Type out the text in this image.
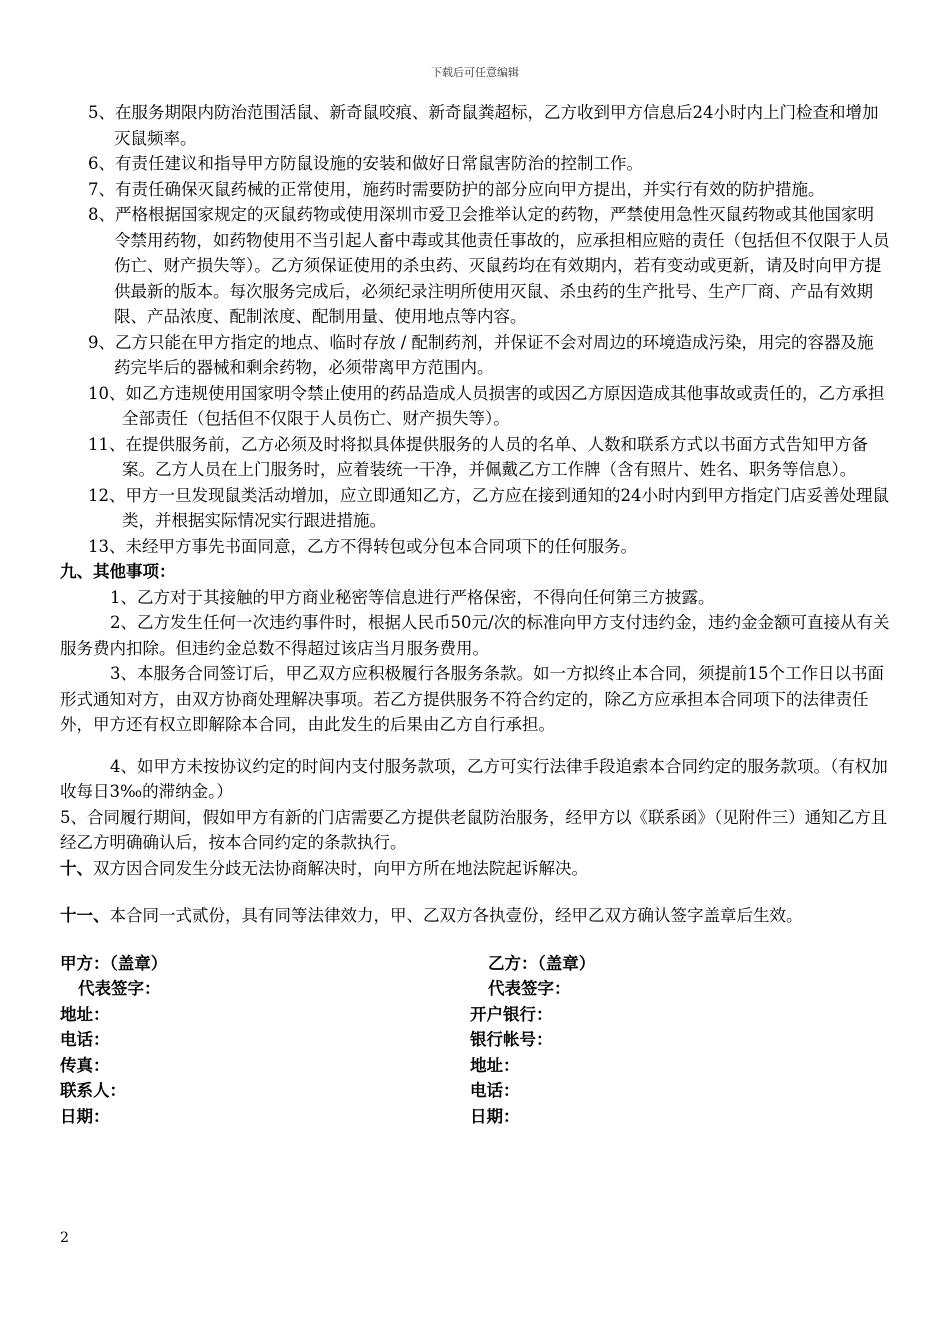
下载后可任意编辑

5、在服务期限内防治范围活鼠、新奇鼠咬痕、新奇鼠粪超标，乙方收到甲方信息后24小时内上门检查和增加灭鼠频率。

6、有责任建议和指导甲方防鼠设施的安装和做好日常鼠害防治的控制工作。

7、有责任确保灭鼠药械的正常使用，施药时需要防护的部分应向甲方提出，并实行有效的防护措施。

8、严格根据国家规定的灭鼠药物或使用深圳市爱卫会推举认定的药物，严禁使用急性灭鼠药物或其他国家明令禁用药物，如药物使用不当引起人畜中毒或其他责任事故的，应承担相应赔的责任（包括但不仅限于人员伤亡、财产损失等）。乙方须保证使用的杀虫药、灭鼠药均在有效期内，若有变动或更新，请及时向甲方提供最新的版本。每次服务完成后，必须纪录注明所使用灭鼠、杀虫药的生产批号、生产厂商、产品有效期限、产品浓度、配制浓度、配制用量、使用地点等内容。

9、乙方只能在甲方指定的地点、临时存放 / 配制药剂，并保证不会对周边的环境造成污染，用完的容器及施药完毕后的器械和剩余药物，必须带离甲方范围内。

10、如乙方违规使用国家明令禁止使用的药品造成人员损害的或因乙方原因造成其他事故或责任的，乙方承担全部责任（包括但不仅限于人员伤亡、财产损失等）。

11、在提供服务前，乙方必须及时将拟具体提供服务的人员的名单、人数和联系方式以书面方式告知甲方备案。乙方人员在上门服务时，应着装统一干净，并佩戴乙方工作牌（含有照片、姓名、职务等信息）。

12、甲方一旦发现鼠类活动增加，应立即通知乙方，乙方应在接到通知的24小时内到甲方指定门店妥善处理鼠类，并根据实际情况实行跟进措施。

13、未经甲方事先书面同意，乙方不得转包或分包本合同项下的任何服务。

九、其他事项：

1、乙方对于其接触的甲方商业秘密等信息进行严格保密，不得向任何第三方披露。

2、乙方发生任何一次违约事件时，根据人民币50元/次的标准向甲方支付违约金，违约金金额可直接从有关服务费内扣除。但违约金总数不得超过该店当月服务费用。

3、本服务合同签订后，甲乙双方应积极履行各服务条款。如一方拟终止本合同，须提前15个工作日以书面形式通知对方，由双方协商处理解决事项。若乙方提供服务不符合约定的，除乙方应承担本合同项下的法律责任外，甲方还有权立即解除本合同，由此发生的后果由乙方自行承担。

4、如甲方未按协议约定的时间内支付服务款项，乙方可实行法律手段追索本合同约定的服务款项。（有权加收每日3‰的滞纳金。）

5、合同履行期间，假如甲方有新的门店需要乙方提供老鼠防治服务，经甲方以《联系函》（见附件三）通知乙方且经乙方明确确认后，按本合同约定的条款执行。

十、双方因合同发生分歧无法协商解决时，向甲方所在地法院起诉解决。

十一、本合同一式贰份，具有同等法律效力，甲、乙双方各执壹份，经甲乙双方确认签字盖章后生效。

甲方：（盖章）	乙方：（盖章）
代表签字：	代表签字：
地址：	开户银行：
电话：	银行帐号：
传真：	地址：
联系人：	电话：
日期：	日期：
2
